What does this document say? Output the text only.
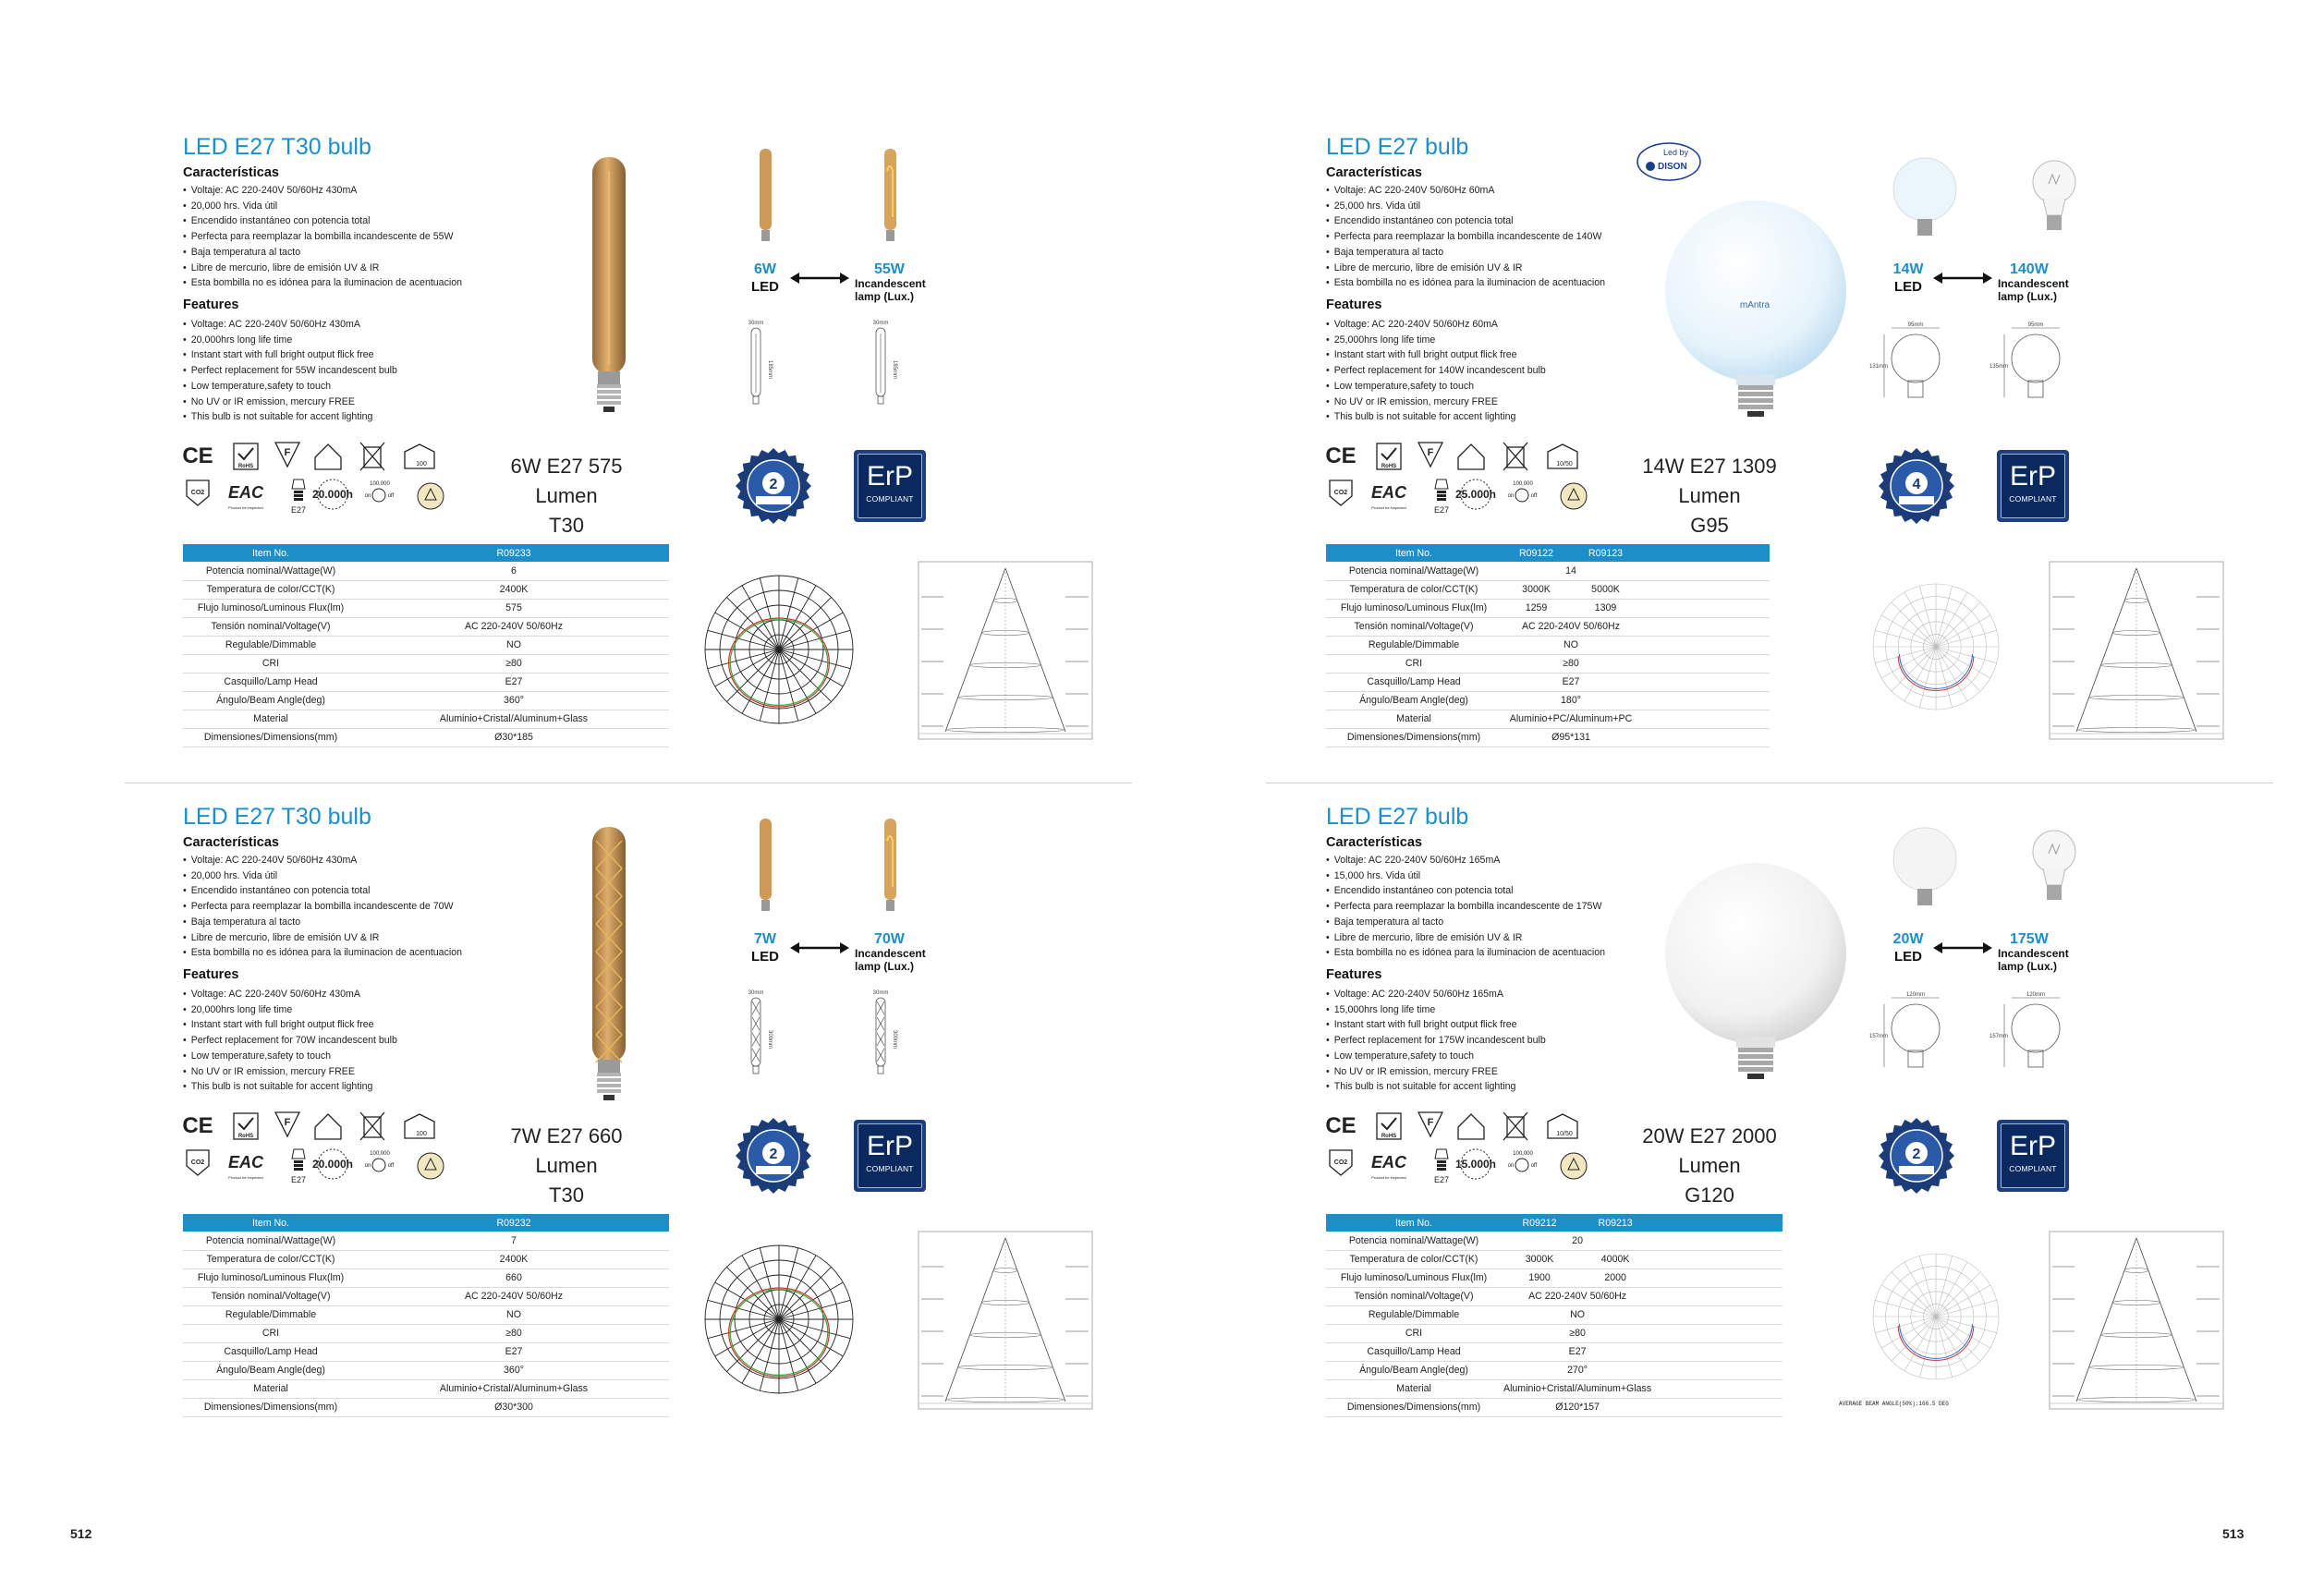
512	513
LED E27 T30 bulb
Características
• Voltaje: AC 220-240V 50/60Hz 430mA
• 20,000 hrs. Vida útil
• Encendido instantáneo con potencia total
• Perfecta para reemplazar la bombilla incandescente de 55W
• Baja temperatura al tacto
• Libre de mercurio, libre de emisión UV & IR
• Esta bombilla no es idónea para la iluminacion de acentuacion
Features
• Voltage: AC 220-240V 50/60Hz 430mA
• 20,000hrs long life time
• Instant start with full bright output flick free
• Perfect replacement for 55W incandescent bulb
• Low temperature,safety to touch
• No UV or IR emission, mercury FREE
• This bulb is not suitable for accent lighting
6W
LED
55W
Incandescent
lamp (Lux.)
30mm
185mm
30mm
185mm
CE	RoHS
F
100
CO2 EAC
Product be inspected	E27
20.000h on	off
100,000
6W E27 575 Lumen
T30
2	ErP
COMPLIANT
Item No.	R09233
Potencia nominal/Wattage(W)	6
Temperatura de color/CCT(K)	2400K
Flujo luminoso/Luminous Flux(lm)	575
Tensión nominal/Voltage(V)	AC 220-240V 50/60Hz
Regulable/Dimmable	NO
CRI	≥80
Casquillo/Lamp Head	E27
Ángulo/Beam Angle(deg)	360°
Material	Aluminio+Cristal/Aluminum+Glass
Dimensiones/Dimensions(mm)	Ø30*185
LED E27 bulb
Características
• Voltaje: AC 220-240V 50/60Hz 60mA
• 25,000 hrs. Vida útil
• Encendido instantáneo con potencia total
• Perfecta para reemplazar la bombilla incandescente de 140W
• Baja temperatura al tacto
• Libre de mercurio, libre de emisión UV & IR
• Esta bombilla no es idónea para la iluminacion de acentuacion
Features
• Voltage: AC 220-240V 50/60Hz 60mA
• 25,000hrs long life time
• Instant start with full bright output flick free
• Perfect replacement for 140W incandescent bulb
• Low temperature,safety to touch
• No UV or IR emission, mercury FREE
• This bulb is not suitable for accent lighting
mAntra
Led by
DISON
14W
LED
140W
Incandescent
lamp (Lux.)
95mm
131mm
95mm
135mm
CE	RoHS
F
10/50
CO2 EAC
Product be inspected	E27
25.000h on	off
100,000
14W E27 1309 Lumen
G95
4	ErP
COMPLIANT
Item No.	R09122	R09123	
Potencia nominal/Wattage(W)	14		
Temperatura de color/CCT(K)	3000K	5000K	
Flujo luminoso/Luminous Flux(lm)	1259	1309	
Tensión nominal/Voltage(V)	AC 220-240V 50/60Hz		
Regulable/Dimmable	NO		
CRI	≥80		
Casquillo/Lamp Head	E27		
Ángulo/Beam Angle(deg)	180°		
Material	Aluminio+PC/Aluminum+PC		
Dimensiones/Dimensions(mm)	Ø95*131		
LED E27 T30 bulb
Características
• Voltaje: AC 220-240V 50/60Hz 430mA
• 20,000 hrs. Vida útil
• Encendido instantáneo con potencia total
• Perfecta para reemplazar la bombilla incandescente de 70W
• Baja temperatura al tacto
• Libre de mercurio, libre de emisión UV & IR
• Esta bombilla no es idónea para la iluminacion de acentuacion
Features
• Voltage: AC 220-240V 50/60Hz 430mA
• 20,000hrs long life time
• Instant start with full bright output flick free
• Perfect replacement for 70W incandescent bulb
• Low temperature,safety to touch
• No UV or IR emission, mercury FREE
• This bulb is not suitable for accent lighting
7W
LED
70W
Incandescent
lamp (Lux.)
30mm
300mm
30mm
300mm
CE	RoHS
F
100
CO2 EAC
Product be inspected	E27
20.000h on	off
100,000
7W E27 660 Lumen
T30
2	ErP
COMPLIANT
Item No.	R09232
Potencia nominal/Wattage(W)	7
Temperatura de color/CCT(K)	2400K
Flujo luminoso/Luminous Flux(lm)	660
Tensión nominal/Voltage(V)	AC 220-240V 50/60Hz
Regulable/Dimmable	NO
CRI	≥80
Casquillo/Lamp Head	E27
Ángulo/Beam Angle(deg)	360°
Material	Aluminio+Cristal/Aluminum+Glass
Dimensiones/Dimensions(mm)	Ø30*300
LED E27 bulb
Características
• Voltaje: AC 220-240V 50/60Hz 165mA
• 15,000 hrs. Vida útil
• Encendido instantáneo con potencia total
• Perfecta para reemplazar la bombilla incandescente de 175W
• Baja temperatura al tacto
• Libre de mercurio, libre de emisión UV & IR
• Esta bombilla no es idónea para la iluminacion de acentuacion
Features
• Voltage: AC 220-240V 50/60Hz 165mA
• 15,000hrs long life time
• Instant start with full bright output flick free
• Perfect replacement for 175W incandescent bulb
• Low temperature,safety to touch
• No UV or IR emission, mercury FREE
• This bulb is not suitable for accent lighting
20W
LED
175W
Incandescent
lamp (Lux.)
120mm
157mm
120mm
157mm
CE	RoHS
F
10/50
CO2 EAC
Product be inspected	E27
15.000h on	off
100,000
20W E27 2000 Lumen
G120
2	ErP
COMPLIANT
Item No.	R09212	R09213	
Potencia nominal/Wattage(W)	20		
Temperatura de color/CCT(K)	3000K	4000K	
Flujo luminoso/Luminous Flux(lm)	1900	2000	
Tensión nominal/Voltage(V)	AC 220-240V 50/60Hz		
Regulable/Dimmable	NO		
CRI	≥80		
Casquillo/Lamp Head	E27		
Ángulo/Beam Angle(deg)	270°		
Material	Aluminio+Cristal/Aluminum+Glass		
Dimensiones/Dimensions(mm)	Ø120*157			AVERAGE BEAM ANGLE(50%):166.5 DEG
